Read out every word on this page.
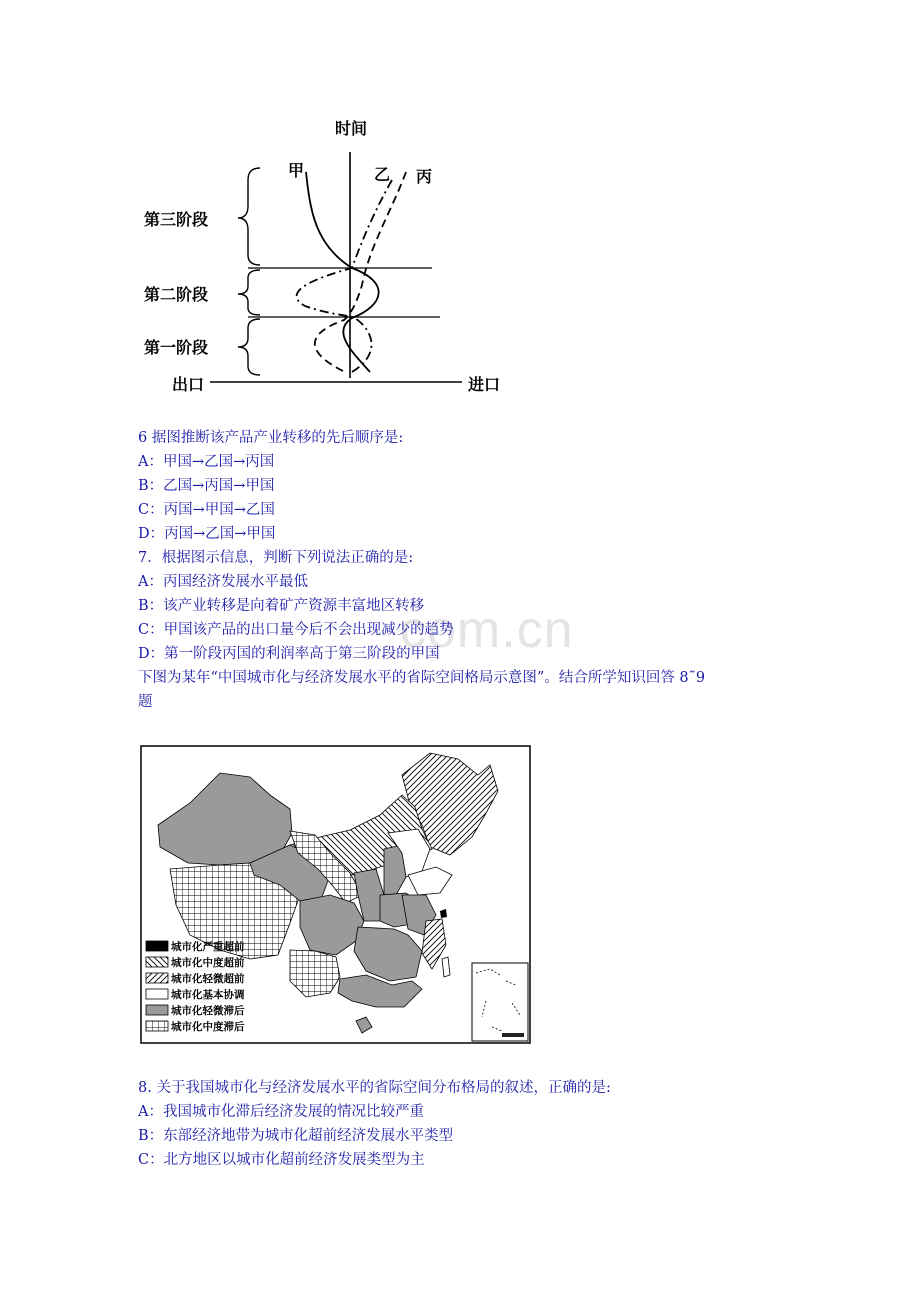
时间
出口	进口
第三阶段
第二阶段
第一阶段
甲	乙 丙
com.cn
6 据图推断该产品产业转移的先后顺序是:
A：甲国→乙国→丙国
B：乙国→丙国→甲国
C：丙国→甲国→乙国
D：丙国→乙国→甲国
7．根据图示信息，判断下列说法正确的是:
A：丙国经济发展水平最低
B：该产业转移是向着矿产资源丰富地区转移
C：甲国该产品的出口量今后不会出现减少的趋势
D：第一阶段丙国的利润率高于第三阶段的甲国
下图为某年“中国城市化与经济发展水平的省际空间格局示意图”。结合所学知识回答 8˜9
题
城市化严重超前
城市化中度超前
城市化轻微超前
城市化基本协调
城市化轻微滞后
城市化中度滞后
8. 关于我国城市化与经济发展水平的省际空间分布格局的叙述，正确的是:
A：我国城市化滞后经济发展的情况比较严重
B：东部经济地带为城市化超前经济发展水平类型
C：北方地区以城市化超前经济发展类型为主
